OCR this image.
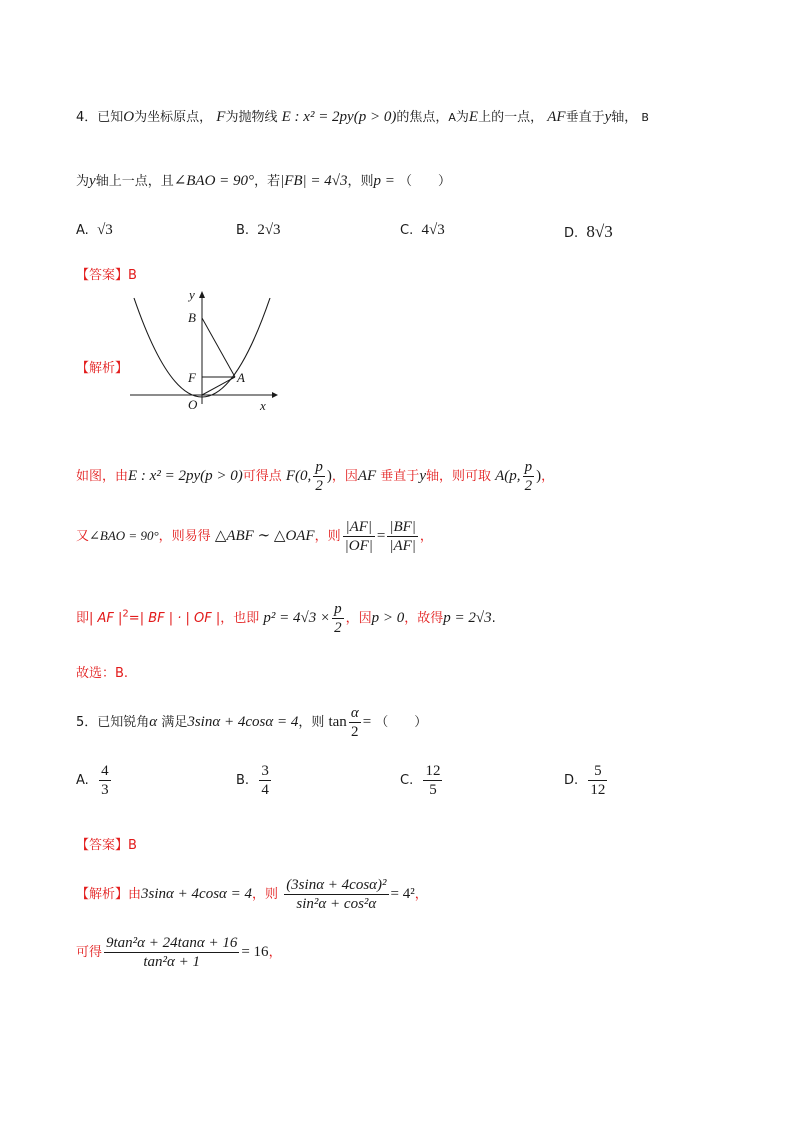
4．已知O为坐标原点， F为抛物线 E : x² = 2py(p > 0)的焦点，A为E上的一点， AF垂直于y轴， B
为y轴上一点，且∠BAO = 90°，若|FB| = 4√3，则p = （　　）
A. √3	B. 2√3	C. 4√3	D. 8√3
【答案】B
【解析】
y
B
F	A
O	x
如图，由E : x² = 2py(p > 0)可得点 F(0, $\frac{p}{2}$ )，因AF 垂直于y轴，则可取 A(p, $\frac{p}{2}$ )，
又∠BAO = 90°，则易得 △ABF ∼ △OAF，则 $\frac{|AF|}{|OF|} = \frac{|BF|}{|AF|}$ ，
即| AF $|^2=|$ BF | · | OF |，也即 $p^2 = 4√3 \times \frac{p}{2}$ ，因p > 0，故得p = 2√3.
故选：B.
5．已知锐角α 满足3sinα + 4cosα = 4，则 $\tan \frac{\alpha}{2}$ = （　　）
A. $\frac{4}{3}$	B. $\frac{3}{4}$	C. $\frac{12}{5}$	D. $\frac{5}{12}$
【答案】B
【解析】由3sinα + 4cosα = 4，则 $\frac{\text{(3sinα + 4cosα)²}}{\text{sin²α + cos²α}} = 4^2$，
可得 $\frac{\text{9tan²α + 24tanα + 16}}{\text{tan²α + 1}} = 16$，
